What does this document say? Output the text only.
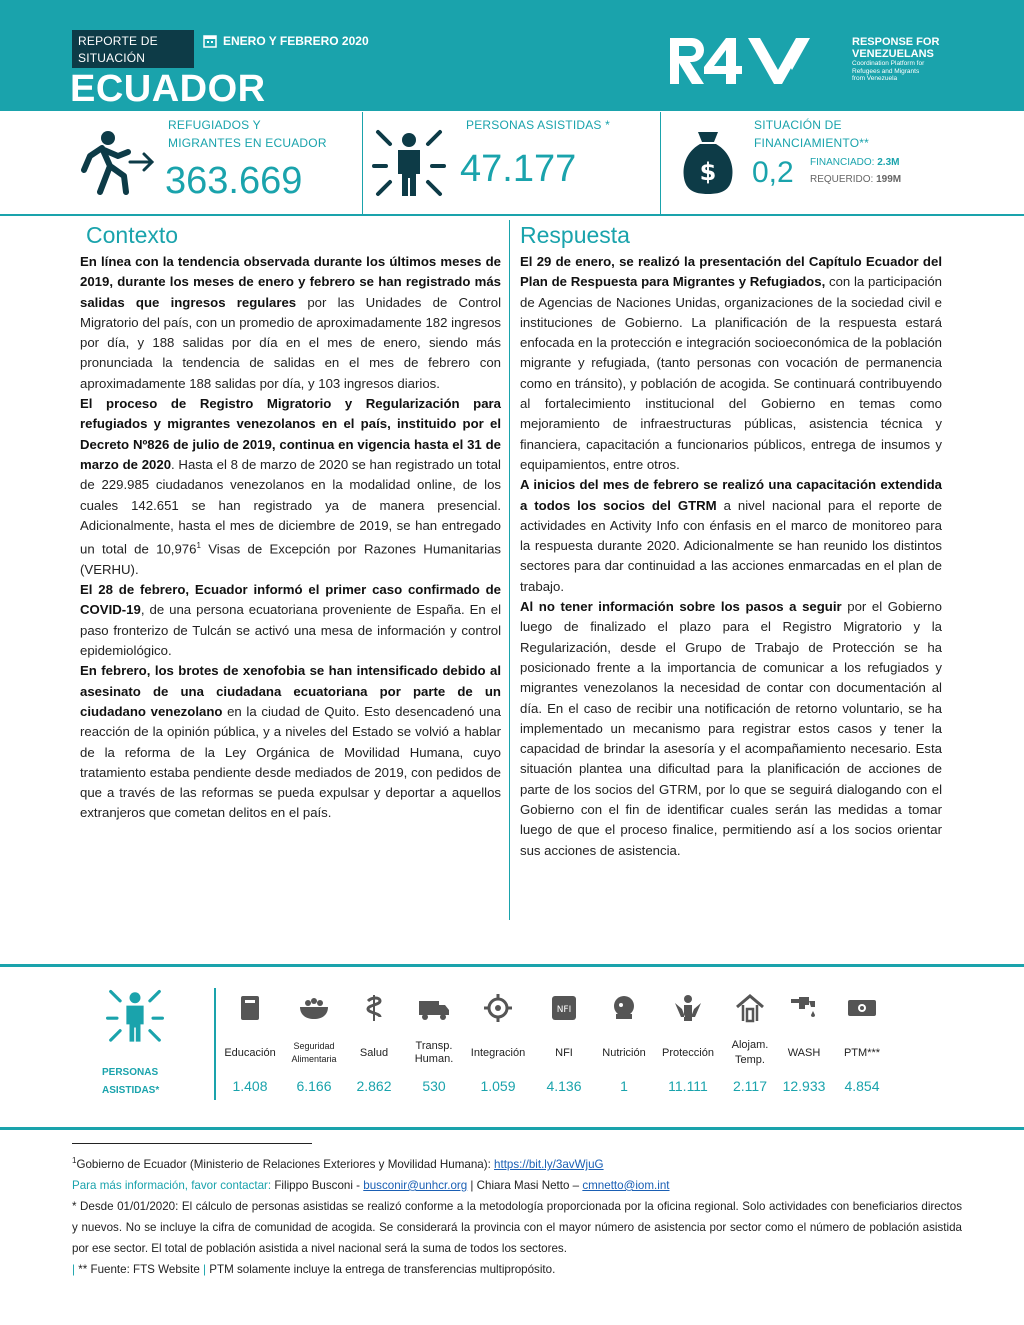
REPORTE DE SITUACIÓN
ENERO Y FEBRERO 2020
ECUADOR
RESPONSE FOR
VENEZUELANS
Coordination Platform for
Refugees and Migrants
from Venezuela
REFUGIADOS Y
MIGRANTES EN ECUADOR
363.669
PERSONAS ASISTIDAS *
47.177	$
SITUACIÓN DE
FINANCIAMIENTO**
0,2 FINANCIADO: 2.3M
REQUERIDO: 199M
Contexto

En línea con la tendencia observada durante los últimos meses de 2019, durante los meses de enero y febrero se han registrado más salidas que ingresos regulares por las Unidades de Control Migratorio del país, con un promedio de aproximadamente 182 ingresos por día, y 188 salidas por día en el mes de enero, siendo más pronunciada la tendencia de salidas en el mes de febrero con aproximadamente 188 salidas por día, y 103 ingresos diarios.

El proceso de Registro Migratorio y Regularización para refugiados y migrantes venezolanos en el país, instituido por el Decreto Nº826 de julio de 2019, continua en vigencia hasta el 31 de marzo de 2020. Hasta el 8 de marzo de 2020 se han registrado un total de 229.985 ciudadanos venezolanos en la modalidad online, de los cuales 142.651 se han registrado ya de manera presencial. Adicionalmente, hasta el mes de diciembre de 2019, se han entregado un total de 10,976$^1$ Visas de Excepción por Razones Humanitarias (VERHU).

El 28 de febrero, Ecuador informó el primer caso confirmado de COVID-19, de una persona ecuatoriana proveniente de España. En el paso fronterizo de Tulcán se activó una mesa de información y control epidemiológico.

En febrero, los brotes de xenofobia se han intensificado debido al asesinato de una ciudadana ecuatoriana por parte de un ciudadano venezolano en la ciudad de Quito. Esto desencadenó una reacción de la opinión pública, y a niveles del Estado se volvió a hablar de la reforma de la Ley Orgánica de Movilidad Humana, cuyo tratamiento estaba pendiente desde mediados de 2019, con pedidos de que a través de las reformas se pueda expulsar y deportar a aquellos extranjeros que cometan delitos en el país.

Respuesta

El 29 de enero, se realizó la presentación del Capítulo Ecuador del Plan de Respuesta para Migrantes y Refugiados, con la participación de Agencias de Naciones Unidas, organizaciones de la sociedad civil e instituciones de Gobierno. La planificación de la respuesta estará enfocada en la protección e integración socioeconómica de la población migrante y refugiada, (tanto personas con vocación de permanencia como en tránsito), y población de acogida. Se continuará contribuyendo al fortalecimiento institucional del Gobierno en temas como mejoramiento de infraestructuras públicas, asistencia técnica y financiera, capacitación a funcionarios públicos, entrega de insumos y equipamientos, entre otros.

A inicios del mes de febrero se realizó una capacitación extendida a todos los socios del GTRM a nivel nacional para el reporte de actividades en Activity Info con énfasis en el marco de monitoreo para la respuesta durante 2020. Adicionalmente se han reunido los distintos sectores para dar continuidad a las acciones enmarcadas en el plan de trabajo.

Al no tener información sobre los pasos a seguir por el Gobierno luego de finalizado el plazo para el Registro Migratorio y la Regularización, desde el Grupo de Trabajo de Protección se ha posicionado frente a la importancia de comunicar a los refugiados y migrantes venezolanos la necesidad de contar con documentación al día. En el caso de recibir una notificación de retorno voluntario, se ha implementado un mecanismo para registrar estos casos y tener la capacidad de brindar la asesoría y el acompañamiento necesario. Esta situación plantea una dificultad para la planificación de acciones de parte de los socios del GTRM, por lo que se seguirá dialogando con el Gobierno con el fin de identificar cuales serán las medidas a tomar luego de que el proceso finalice, permitiendo así a los socios orientar sus acciones de asistencia.

PERSONAS
ASISTIDAS*
Educación
1.408
Seguridad Alimentaria
6.166
Salud
2.862
Transp. Human.
530
Integración
1.059
NFI
NFI
4.136
Nutrición
1
Protección
11.111
Alojam. Temp.
2.117
WASH
12.933
PTM***
4.854

$^1$Gobierno de Ecuador (Ministerio de Relaciones Exteriores y Movilidad Humana): https://bit.ly/3avWjuG

Para más información, favor contactar: Filippo Busconi - busconir@unhcr.org | Chiara Masi Netto – cmnetto@iom.int

* Desde 01/01/2020: El cálculo de personas asistidas se realizó conforme a la metodología proporcionada por la oficina regional. Solo actividades con beneficiarios directos y nuevos. No se incluye la cifra de comunidad de acogida. Se considerará la provincia con el mayor número de asistencia por sector como el número de población asistida por ese sector. El total de población asistida a nivel nacional será la suma de todos los sectores.

| ** Fuente: FTS Website | PTM solamente incluye la entrega de transferencias multipropósito.
